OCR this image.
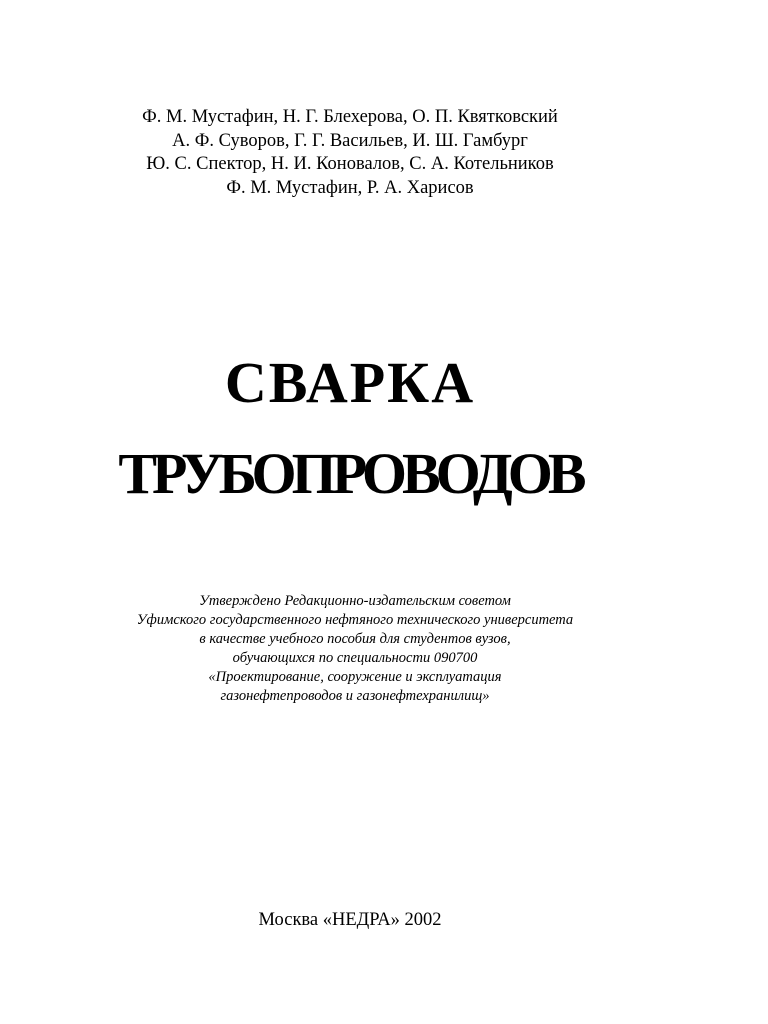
Ф. М. Мустафин, Н. Г. Блехерова, О. П. Квятковский
А. Ф. Суворов, Г. Г. Васильев, И. Ш. Гамбург
Ю. С. Спектор, Н. И. Коновалов, С. А. Котельников
Ф. М. Мустафин, Р. А. Харисов
СВАРКА
ТРУБОПРОВОДОВ
Утверждено Редакционно-издательским советом
Уфимского государственного нефтяного технического университета
в качестве учебного пособия для студентов вузов,
обучающихся по специальности 090700
«Проектирование, сооружение и эксплуатация
газонефтепроводов и газонефтехранилищ»
Москва «НЕДРА» 2002
